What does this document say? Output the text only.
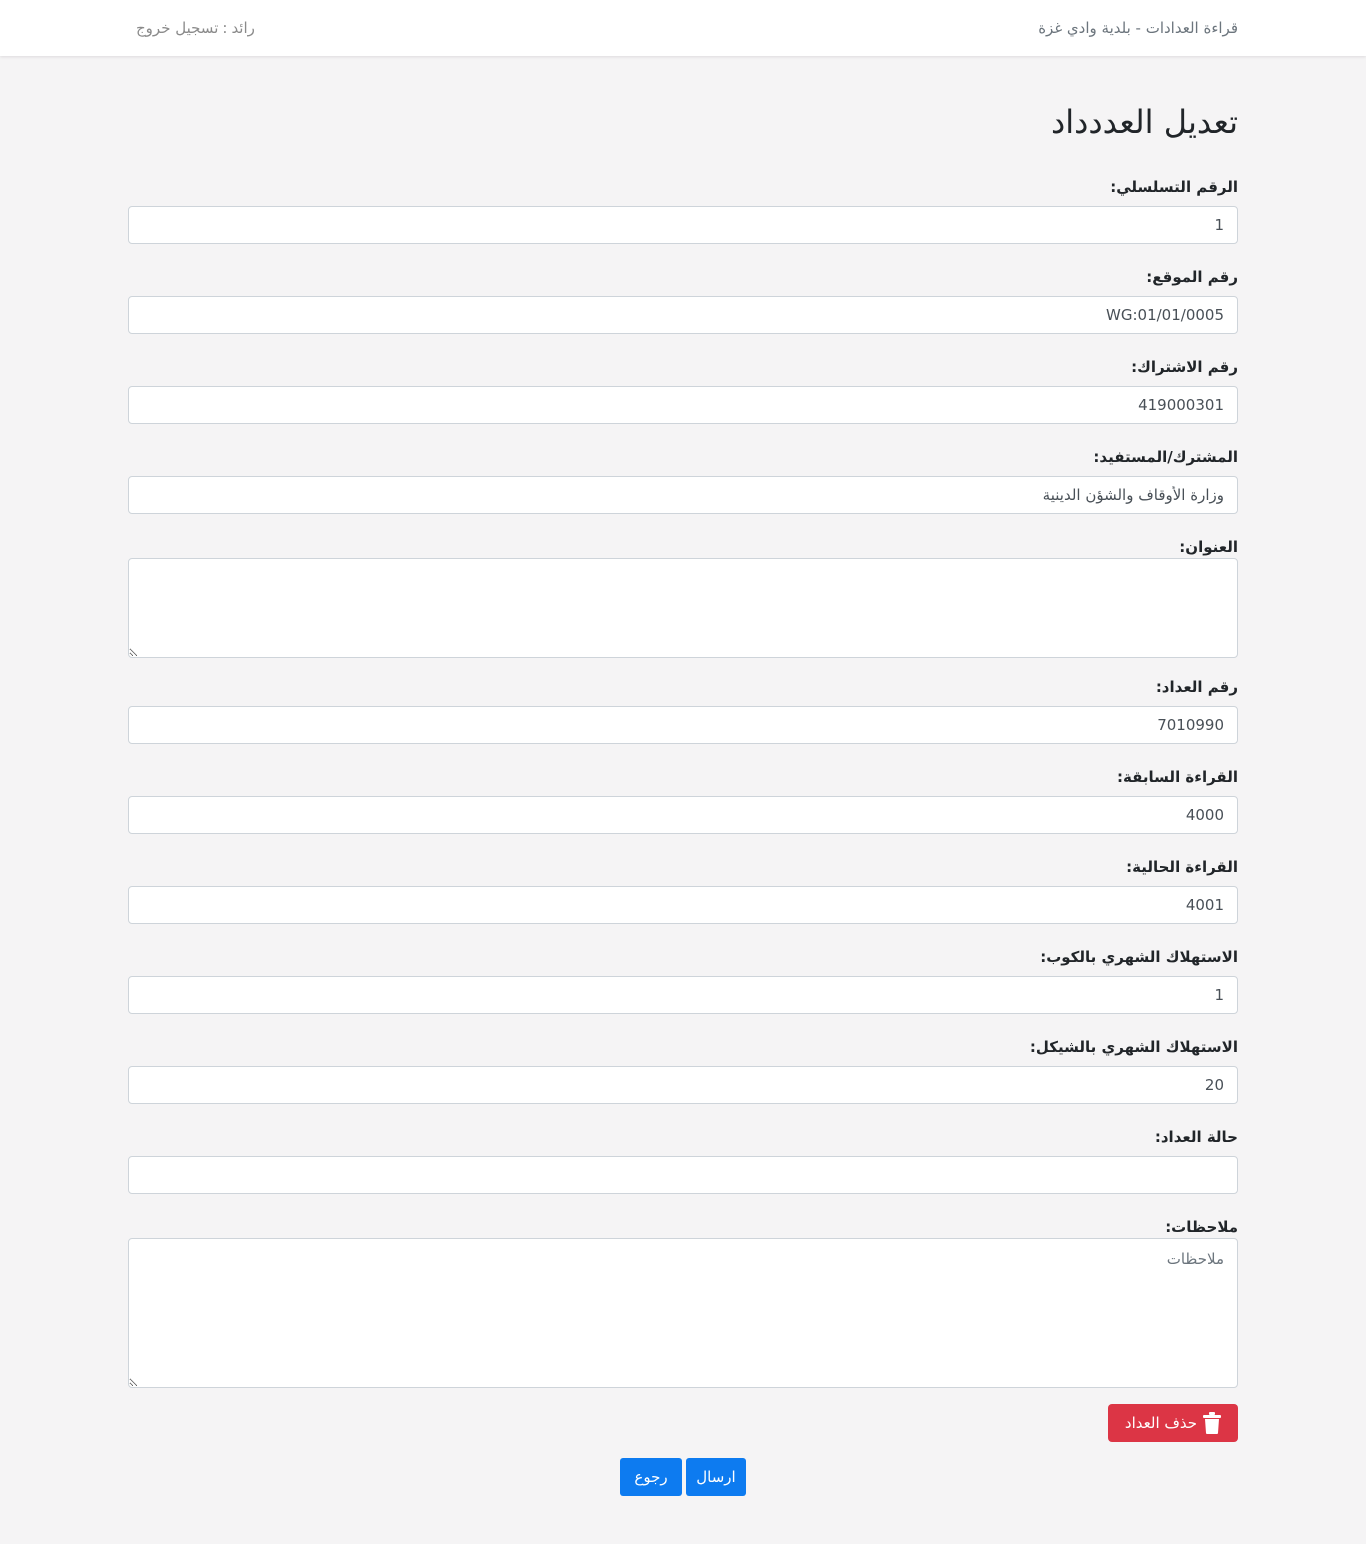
قراءة العدادات - بلدية وادي غزة
رائد:تسجيل خروج
تعديل العددداد
الرقم التسلسلي:
1
رقم الموقع:
WG:01/01/0005
رقم الاشتراك:
419000301
المشترك/المستفيد:
وزارة الأوقاف والشؤن الدينية
العنوان:
رقم العداد:
7010990
القراءة السابقة:
4000
القراءة الحالية:
4001
الاستهلاك الشهري بالكوب:
1
الاستهلاك الشهري بالشيكل:
20
حالة العداد:
ملاحظات:
ملاحظات
حذف العداد
ارسال
رجوع
